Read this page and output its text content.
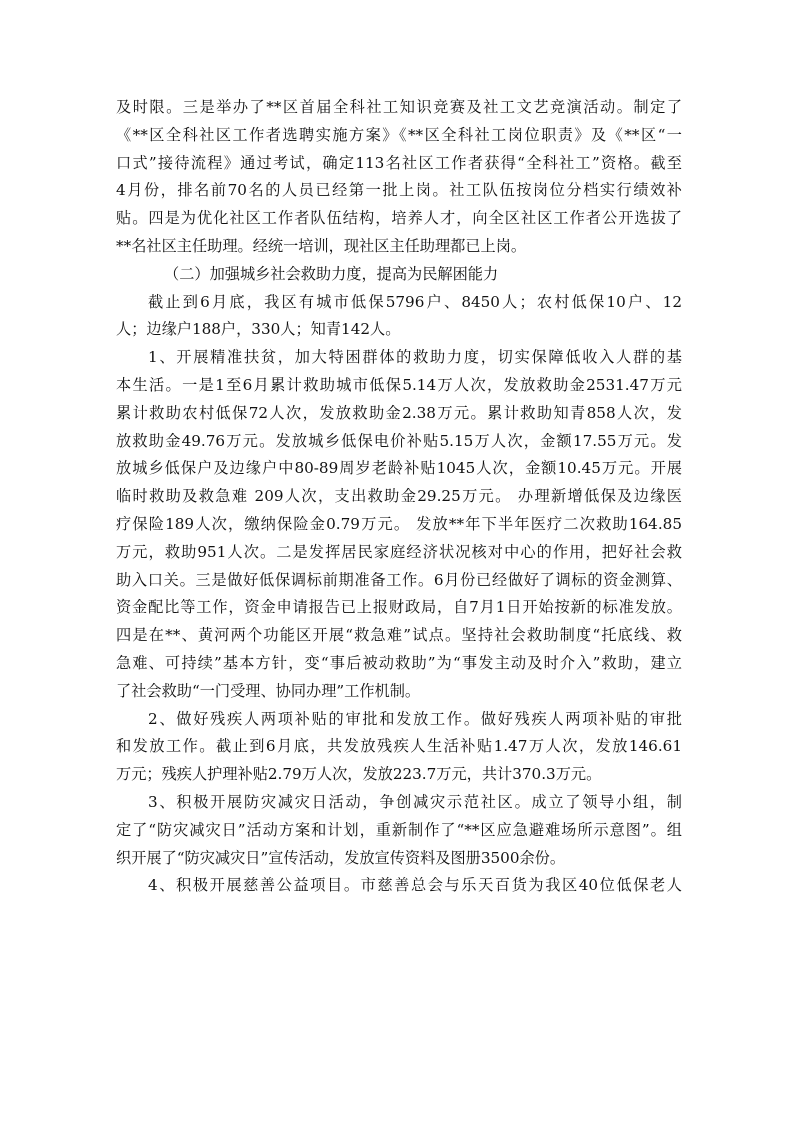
及时限。三是举办了**区首届全科社工知识竞赛及社工文艺竞演活动。制定了
《**区全科社区工作者选聘实施方案》《**区全科社工岗位职责》及《**区“一
口式”接待流程》通过考试，确定113名社区工作者获得“全科社工”资格。截至
4月份，排名前70名的人员已经第一批上岗。社工队伍按岗位分档实行绩效补
贴。四是为优化社区工作者队伍结构，培养人才，向全区社区工作者公开选拔了
**名社区主任助理。经统一培训，现社区主任助理都已上岗。
（二）加强城乡社会救助力度，提高为民解困能力
截止到6月底，我区有城市低保5796户、8450人；农村低保10户、12
人；边缘户188户，330人；知青142人。
1、开展精准扶贫，加大特困群体的救助力度，切实保障低收入人群的基
本生活。一是1至6月累计救助城市低保5.14万人次，发放救助金2531.47万元
累计救助农村低保72人次，发放救助金2.38万元。累计救助知青858人次，发
放救助金49.76万元。发放城乡低保电价补贴5.15万人次，金额17.55万元。发
放城乡低保户及边缘户中80-89周岁老龄补贴1045人次，金额10.45万元。开展
临时救助及救急难 209人次，支出救助金29.25万元。 办理新增低保及边缘医
疗保险189人次，缴纳保险金0.79万元。 发放**年下半年医疗二次救助164.85
万元，救助951人次。二是发挥居民家庭经济状况核对中心的作用，把好社会救
助入口关。三是做好低保调标前期准备工作。6月份已经做好了调标的资金测算、
资金配比等工作，资金申请报告已上报财政局，自7月1日开始按新的标准发放。
四是在**、黄河两个功能区开展“救急难”试点。坚持社会救助制度“托底线、救
急难、可持续”基本方针，变“事后被动救助”为“事发主动及时介入”救助，建立
了社会救助“一门受理、协同办理”工作机制。
2、做好残疾人两项补贴的审批和发放工作。做好残疾人两项补贴的审批
和发放工作。截止到6月底，共发放残疾人生活补贴1.47万人次，发放146.61
万元；残疾人护理补贴2.79万人次，发放223.7万元，共计370.3万元。
3、积极开展防灾减灾日活动，争创减灾示范社区。成立了领导小组，制
定了“防灾减灾日”活动方案和计划，重新制作了“**区应急避难场所示意图”。组
织开展了“防灾减灾日”宣传活动，发放宣传资料及图册3500余份。
4、积极开展慈善公益项目。市慈善总会与乐天百货为我区40位低保老人
